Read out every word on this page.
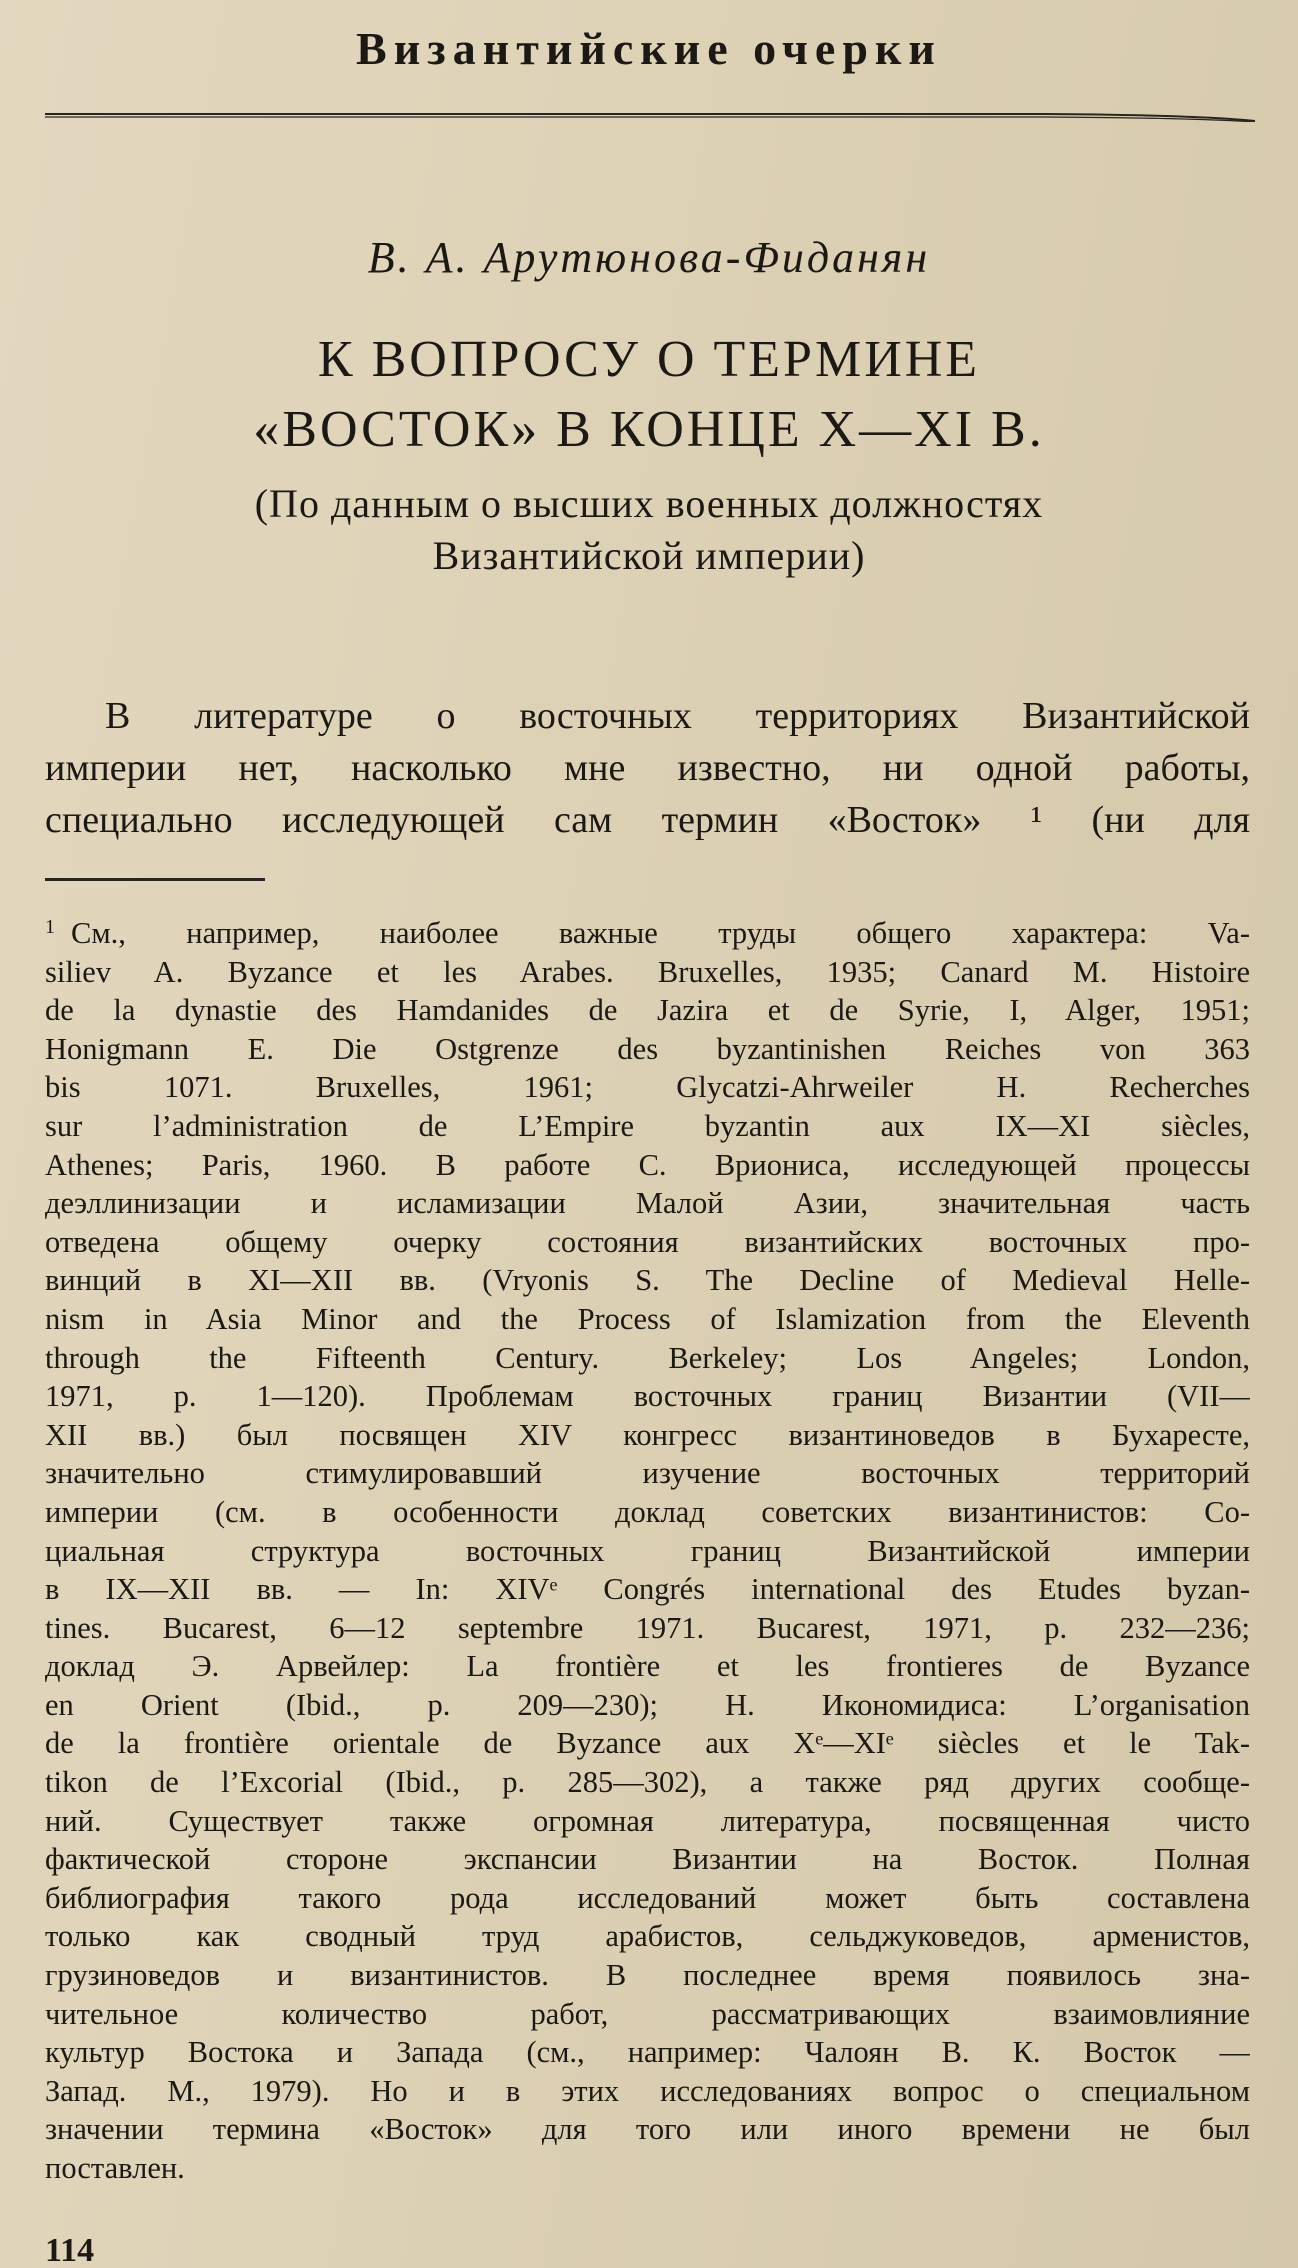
Византийские очерки
В. А. Арутюнова-Фиданян
К ВОПРОСУ О ТЕРМИНЕ
«ВОСТОК» В КОНЦЕ Х—XI В.
(По данным о высших военных должностях
Византийской империи)
В литературе о восточных территориях Византийской
империи нет, насколько мне известно, ни одной работы,
специально исследующей сам термин «Восток» ¹ (ни для
$^1$ См., например, наиболее важные труды общего характера: Va-
siliev A. Byzance et les Arabes. Bruxelles, 1935; Canard M. Histoire
de la dynastie des Hamdanides de Jazira et de Syrie, I, Alger, 1951;
Honigmann E. Die Ostgrenze des byzantinishen Reiches von 363
bis 1071. Bruxelles, 1961; Glycatzi-Ahrweiler H. Recherches
sur l’administration de L’Empire byzantin aux IX—XI siècles,
Athenes; Paris, 1960. В работе С. Вриониса, исследующей процессы
деэллинизации и исламизации Малой Азии, значительная часть
отведена общему очерку состояния византийских восточных про-
винций в XI—XII вв. (Vryonis S. The Decline of Medieval Helle-
nism in Asia Minor and the Process of Islamization from the Eleventh
through the Fifteenth Century. Berkeley; Los Angeles; London,
1971, p. 1—120). Проблемам восточных границ Византии (VII—
XII вв.) был посвящен XIV конгресс византиноведов в Бухаресте,
значительно стимулировавший изучение восточных территорий
империи (см. в особенности доклад советских византинистов: Со-
циальная структура восточных границ Византийской империи
в IX—XII вв. — In: XIVᵉ Congrés international des Etudes byzan-
tines. Bucarest, 6—12 septembre 1971. Bucarest, 1971, p. 232—236;
доклад Э. Арвейлер: La frontière et les frontieres de Byzance
en Orient (Ibid., p. 209—230); Н. Икономидиса: L’organisation
de la frontière orientale de Byzance aux Xᵉ—XIᵉ siècles et le Tak-
tikon de l’Excorial (Ibid., p. 285—302), а также ряд других сообще-
ний. Существует также огромная литература, посвященная чисто
фактической стороне экспансии Византии на Восток. Полная
библиография такого рода исследований может быть составлена
только как сводный труд арабистов, сельджуковедов, арменистов,
грузиноведов и византинистов. В последнее время появилось зна-
чительное количество работ, рассматривающих взаимовлияние
культур Востока и Запада (см., например: Чалоян В. К. Восток —
Запад. М., 1979). Но и в этих исследованиях вопрос о специальном
значении термина «Восток» для того или иного времени не был
поставлен.
114
